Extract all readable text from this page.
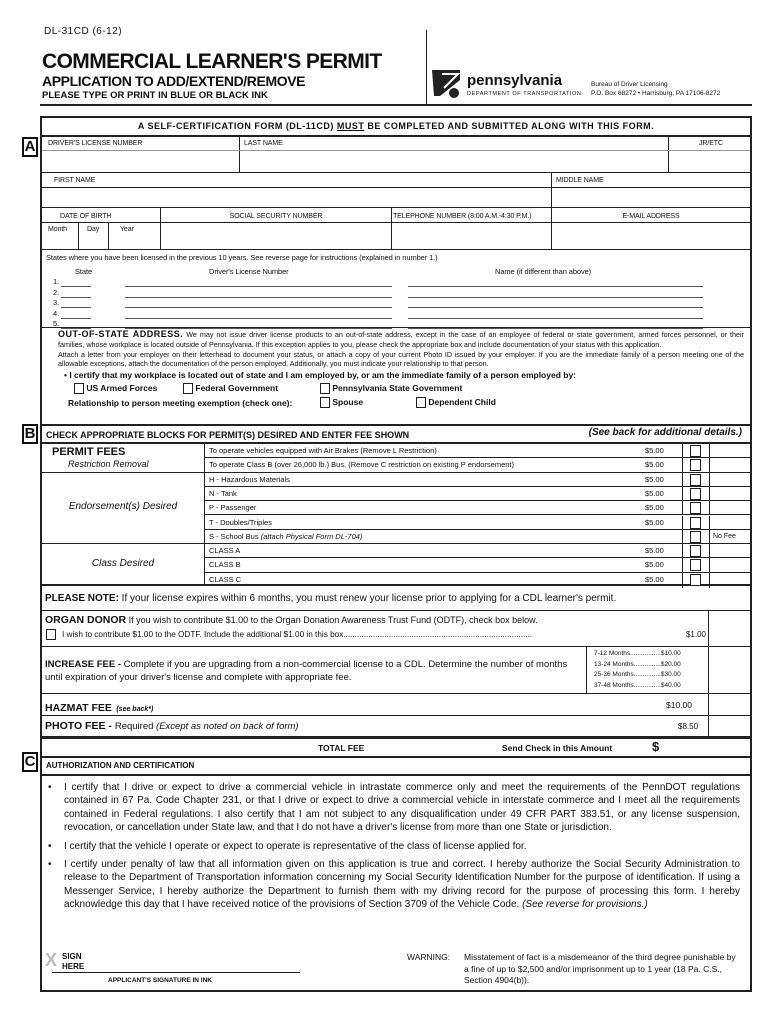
DL-31CD (6-12)
COMMERCIAL LEARNER'S PERMIT
APPLICATION TO ADD/EXTEND/REMOVE
PLEASE TYPE OR PRINT IN BLUE OR BLACK INK
pennsylvania
DEPARTMENT OF TRANSPORTATION
Bureau of Driver Licensing
P.O. Box 68272 • Harrisburg, PA 17106-8272
A SELF-CERTIFICATION FORM (DL-11CD) MUST BE COMPLETED AND SUBMITTED ALONG WITH THIS FORM.
A	DRIVER'S LICENSE NUMBER	LAST NAME	JR/ETC
FIRST NAME	MIDDLE NAME
DATE OF BIRTH
Month	Day	Year
SOCIAL SECURITY NUMBER	TELEPHONE NUMBER (8:00 A.M.-4:30 P.M.)	E-MAIL ADDRESS
States where you have been licensed in the previous 10 years. See reverse page for instructions (explained in number 1.)
State	Driver's License Number	Name (if different than above)
1.
2.
3.
4.
5.
OUT-OF-STATE ADDRESS. We may not issue driver license products to an out-of-state address, except in the case of an employee of federal or state government, armed forces personnel, or their families, whose workplace is located outside of Pennsylvania. If this exception applies to you, please check the appropriate box and include documentation of your status with this application.
Attach a letter from your employer on their letterhead to document your status, or attach a copy of your current Photo ID issued by your employer. If you are the immediate family of a person meeting one of the allowable exceptions, attach the documentation of the person employed. Additionally, you must indicate your relationship to that person.
• I certify that my workplace is located out of state and I am employed by, or am the immediate family of a person employed by:
US Armed Forces	Federal Government	Pennsylvania State Government
Relationship to person meeting exemption (check one):	Spouse	Dependent Child
B CHECK APPROPRIATE BLOCKS FOR PERMIT(S) DESIRED AND ENTER FEE SHOWN	(See back for additional details.)
PERMIT FEES
Restriction Removal
Endorsement(s) Desired
Class Desired
To operate vehicles equipped with Air Brakes (Remove L Restriction)	$5.00
To operate Class B (over 26,000 lb.) Bus. (Remove C restriction on existing P endorsement)	$5.00
H - Hazardous Materials	$5.00
N - Tank	$5.00
P - Passenger	$5.00
T - Doubles/Triples	$5.00
S - School Bus (attach Physical Form DL-704)	No Fee
CLASS A	$5.00
CLASS B	$5.00
CLASS C	$5.00
PLEASE NOTE: If your license expires within 6 months, you must renew your license prior to applying for a CDL learner's permit.
ORGAN DONOR If you wish to contribute $1.00 to the Organ Donation Awareness Trust Fund (ODTF), check box below.
I wish to contribute $1.00 to the ODTF. Include the additional $1.00 in this box...................................................................................	$1.00
INCREASE FEE - Complete if you are upgrading from a non-commercial license to a CDL. Determine the number of months until expiration of your driver's license and complete with appropriate fee.
7-12 Months.................$10.00
13-24 Months...............$20.00
25-36 Months...............$30.00
37-48 Months...............$40.00
HAZMAT FEE (see back*)	$10.00
PHOTO FEE - Required (Except as noted on back of form)	$8.50
TOTAL FEE	Send Check in this Amount	$
C	AUTHORIZATION AND CERTIFICATION

• I certify that I drive or expect to drive a commercial vehicle in intrastate commerce only and meet the requirements of the PennDOT regulations contained in 67 Pa. Code Chapter 231, or that I drive or expect to drive a commercial vehicle in interstate commerce and I meet all the requirements contained in Federal regulations. I also certify that I am not subject to any disqualification under 49 CFR PART 383.51, or any license suspension, revocation, or cancellation under State law, and that I do not have a driver's license from more than one State or jurisdiction.

• I certify that the vehicle I operate or expect to operate is representative of the class of license applied for.

• I certify under penalty of law that all information given on this application is true and correct. I hereby authorize the Social Security Administration to release to the Department of Transportation information concerning my Social Security Identification Number for the purpose of identification. If using a Messenger Service, I hereby authorize the Department to furnish them with my driving record for the purpose of processing this form. I hereby acknowledge this day that I have received notice of the provisions of Section 3709 of the Vehicle Code. (See reverse for provisions.)

X SIGN
HERE
APPLICANT'S SIGNATURE IN INK
WARNING: Misstatement of fact is a misdemeanor of the third degree punishable by a fine of up to $2,500 and/or imprisonment up to 1 year (18 Pa. C.S., Section 4904(b)).
